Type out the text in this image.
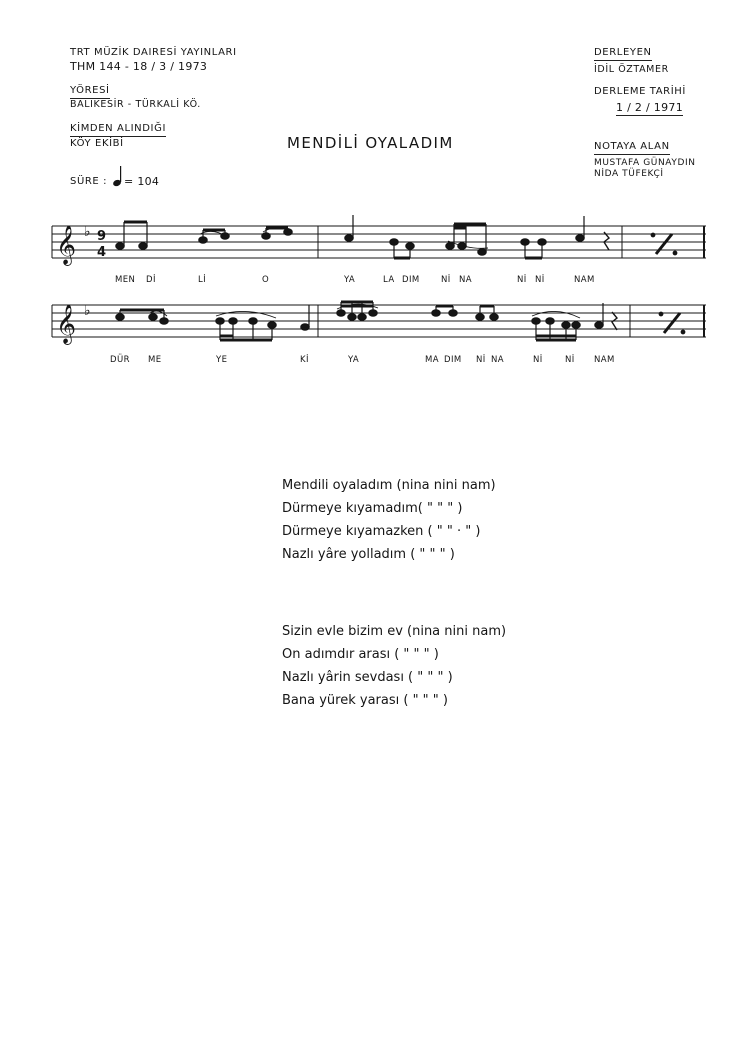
TRT MÜZİK DAIRESİ YAYINLARI
THM 144 - 18 / 3 / 1973
YÖRESİ
BALIKESİR - TÜRKALİ KÖ.
KİMDEN ALINDIĞI
KÖY EKİBİ
SÜRE : = 104
DERLEYEN
İDİL ÖZTAMER
DERLEME TARİHİ
1 / 2 / 1971
NOTAYA ALAN
MUSTAFA GÜNAYDIN
NİDA TÜFEKÇİ
MENDİLİ OYALADIM
𝄞
𝄞
♭
♭
9
4
MEN Dİ	Lİ	O	YA	LA DIM	Nİ NA	Nİ Nİ	NAM
DÜR ME	YE	Kİ	YA	MA DIM Nİ NA	Nİ	Nİ NAM
Mendili oyaladım (nina nini nam)
Dürmeye kıyamadım( " " " )
Dürmeye kıyamazken ( " " · " )
Nazlı yâre yolladım ( " " " )
Sizin evle bizim ev (nina nini nam)
On adımdır arası ( " " " )
Nazlı yârin sevdası ( " " " )
Bana yürek yarası ( " " " )
